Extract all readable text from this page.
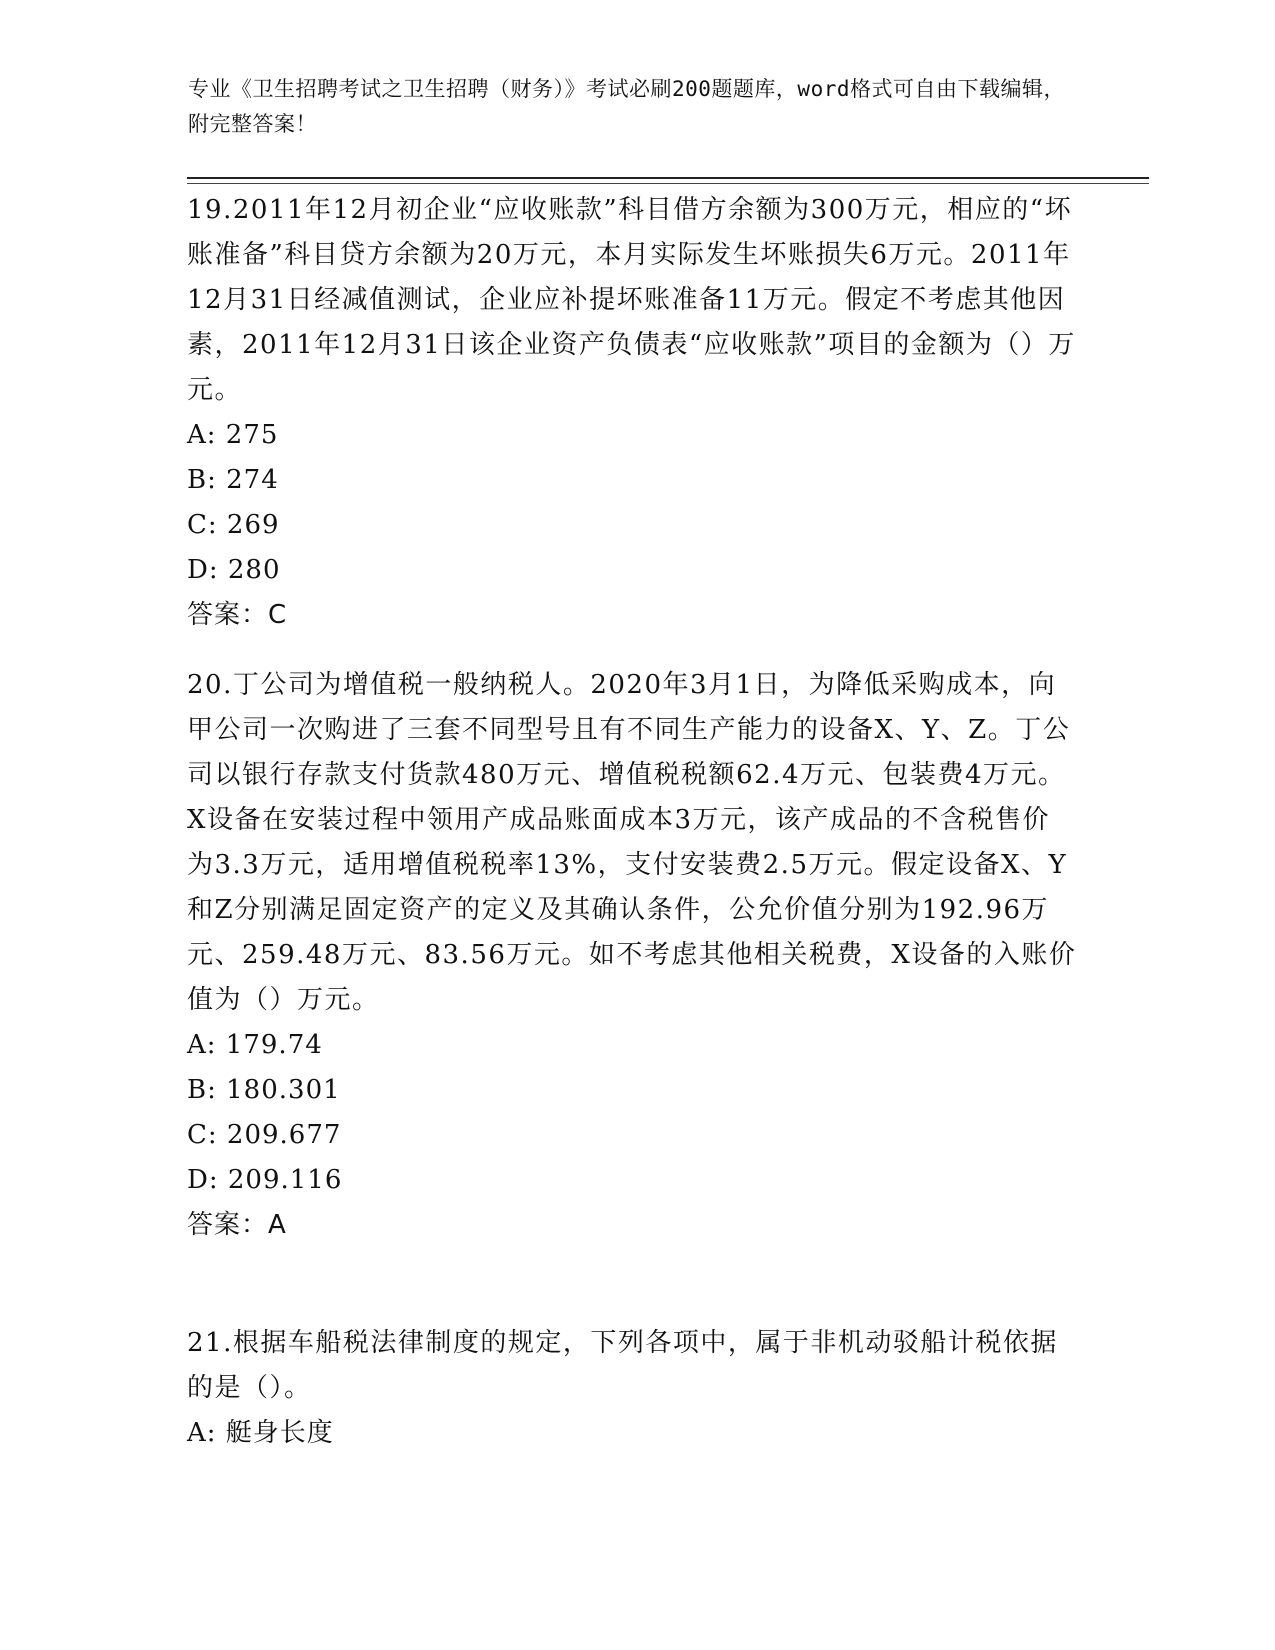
专业《卫生招聘考试之卫生招聘（财务）》考试必刷200题题库，word格式可自由下载编辑，附完整答案！

19.2011年12月初企业“应收账款”科目借方余额为300万元，相应的“坏账准备”科目贷方余额为20万元，本月实际发生坏账损失6万元。2011年12月31日经减值测试，企业应补提坏账准备11万元。假定不考虑其他因素，2011年12月31日该企业资产负债表“应收账款”项目的金额为（）万元。

A: 275

B: 274

C: 269

D: 280

答案：C

20.丁公司为增值税一般纳税人。2020年3月1日，为降低采购成本，向甲公司一次购进了三套不同型号且有不同生产能力的设备X、Y、Z。丁公司以银行存款支付货款480万元、增值税税额62.4万元、包装费4万元。X设备在安装过程中领用产成品账面成本3万元，该产成品的不含税售价为3.3万元，适用增值税税率13%，支付安装费2.5万元。假定设备X、Y和Z分别满足固定资产的定义及其确认条件，公允价值分别为192.96万元、259.48万元、83.56万元。如不考虑其他相关税费，X设备的入账价值为（）万元。

A: 179.74

B: 180.301

C: 209.677

D: 209.116

答案：A

21.根据车船税法律制度的规定，下列各项中，属于非机动驳船计税依据的是（）。

A: 艇身长度
